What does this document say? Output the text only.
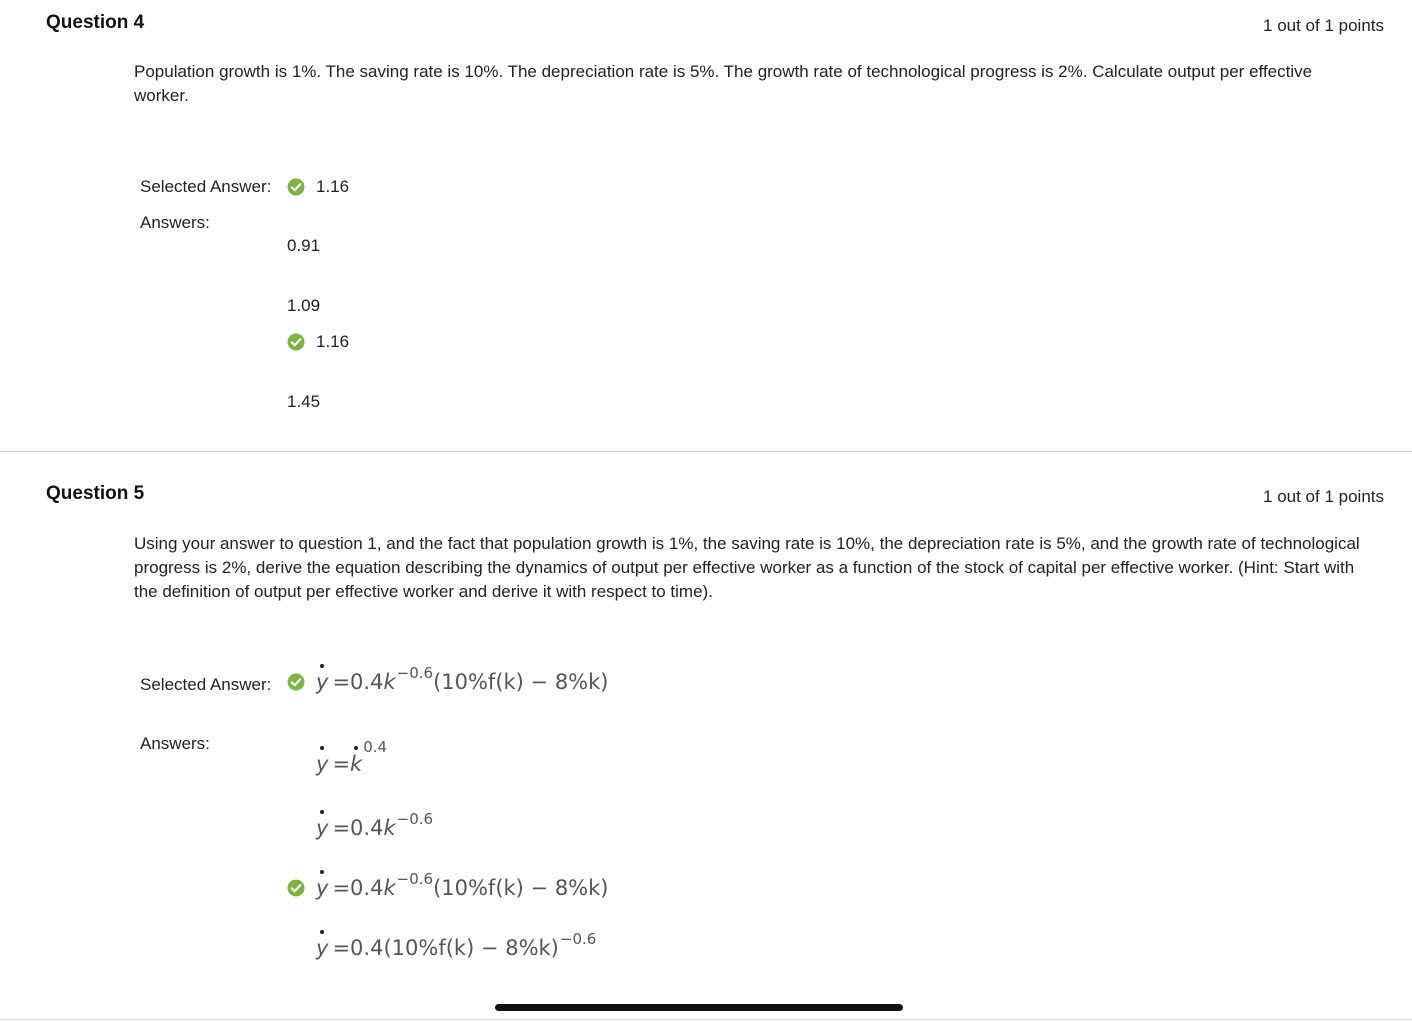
Question 4	1 out of 1 points
Population growth is 1%. The saving rate is 10%. The depreciation rate is 5%. The growth rate of technological progress is 2%. Calculate output per effective worker.
Selected Answer:	1.16
Answers:
0.91
1.09
1.16
1.45
Question 5	1 out of 1 points
Using your answer to question 1, and the fact that population growth is 1%, the saving rate is 10%, the depreciation rate is 5%, and the growth rate of technological progress is 2%, derive the equation describing the dynamics of output per effective worker as a function of the stock of capital per effective worker. (Hint: Start with the definition of output per effective worker and derive it with respect to time).
Selected Answer: y = 0.4 k −0.6 (10%f(k) − 8%k)
Answers:
y = k
0.4
y = 0.4 k −0.6
y = 0.4 k −0.6 (10%f(k) − 8%k)
y = 0.4 (10%f(k) − 8%k) −0.6
